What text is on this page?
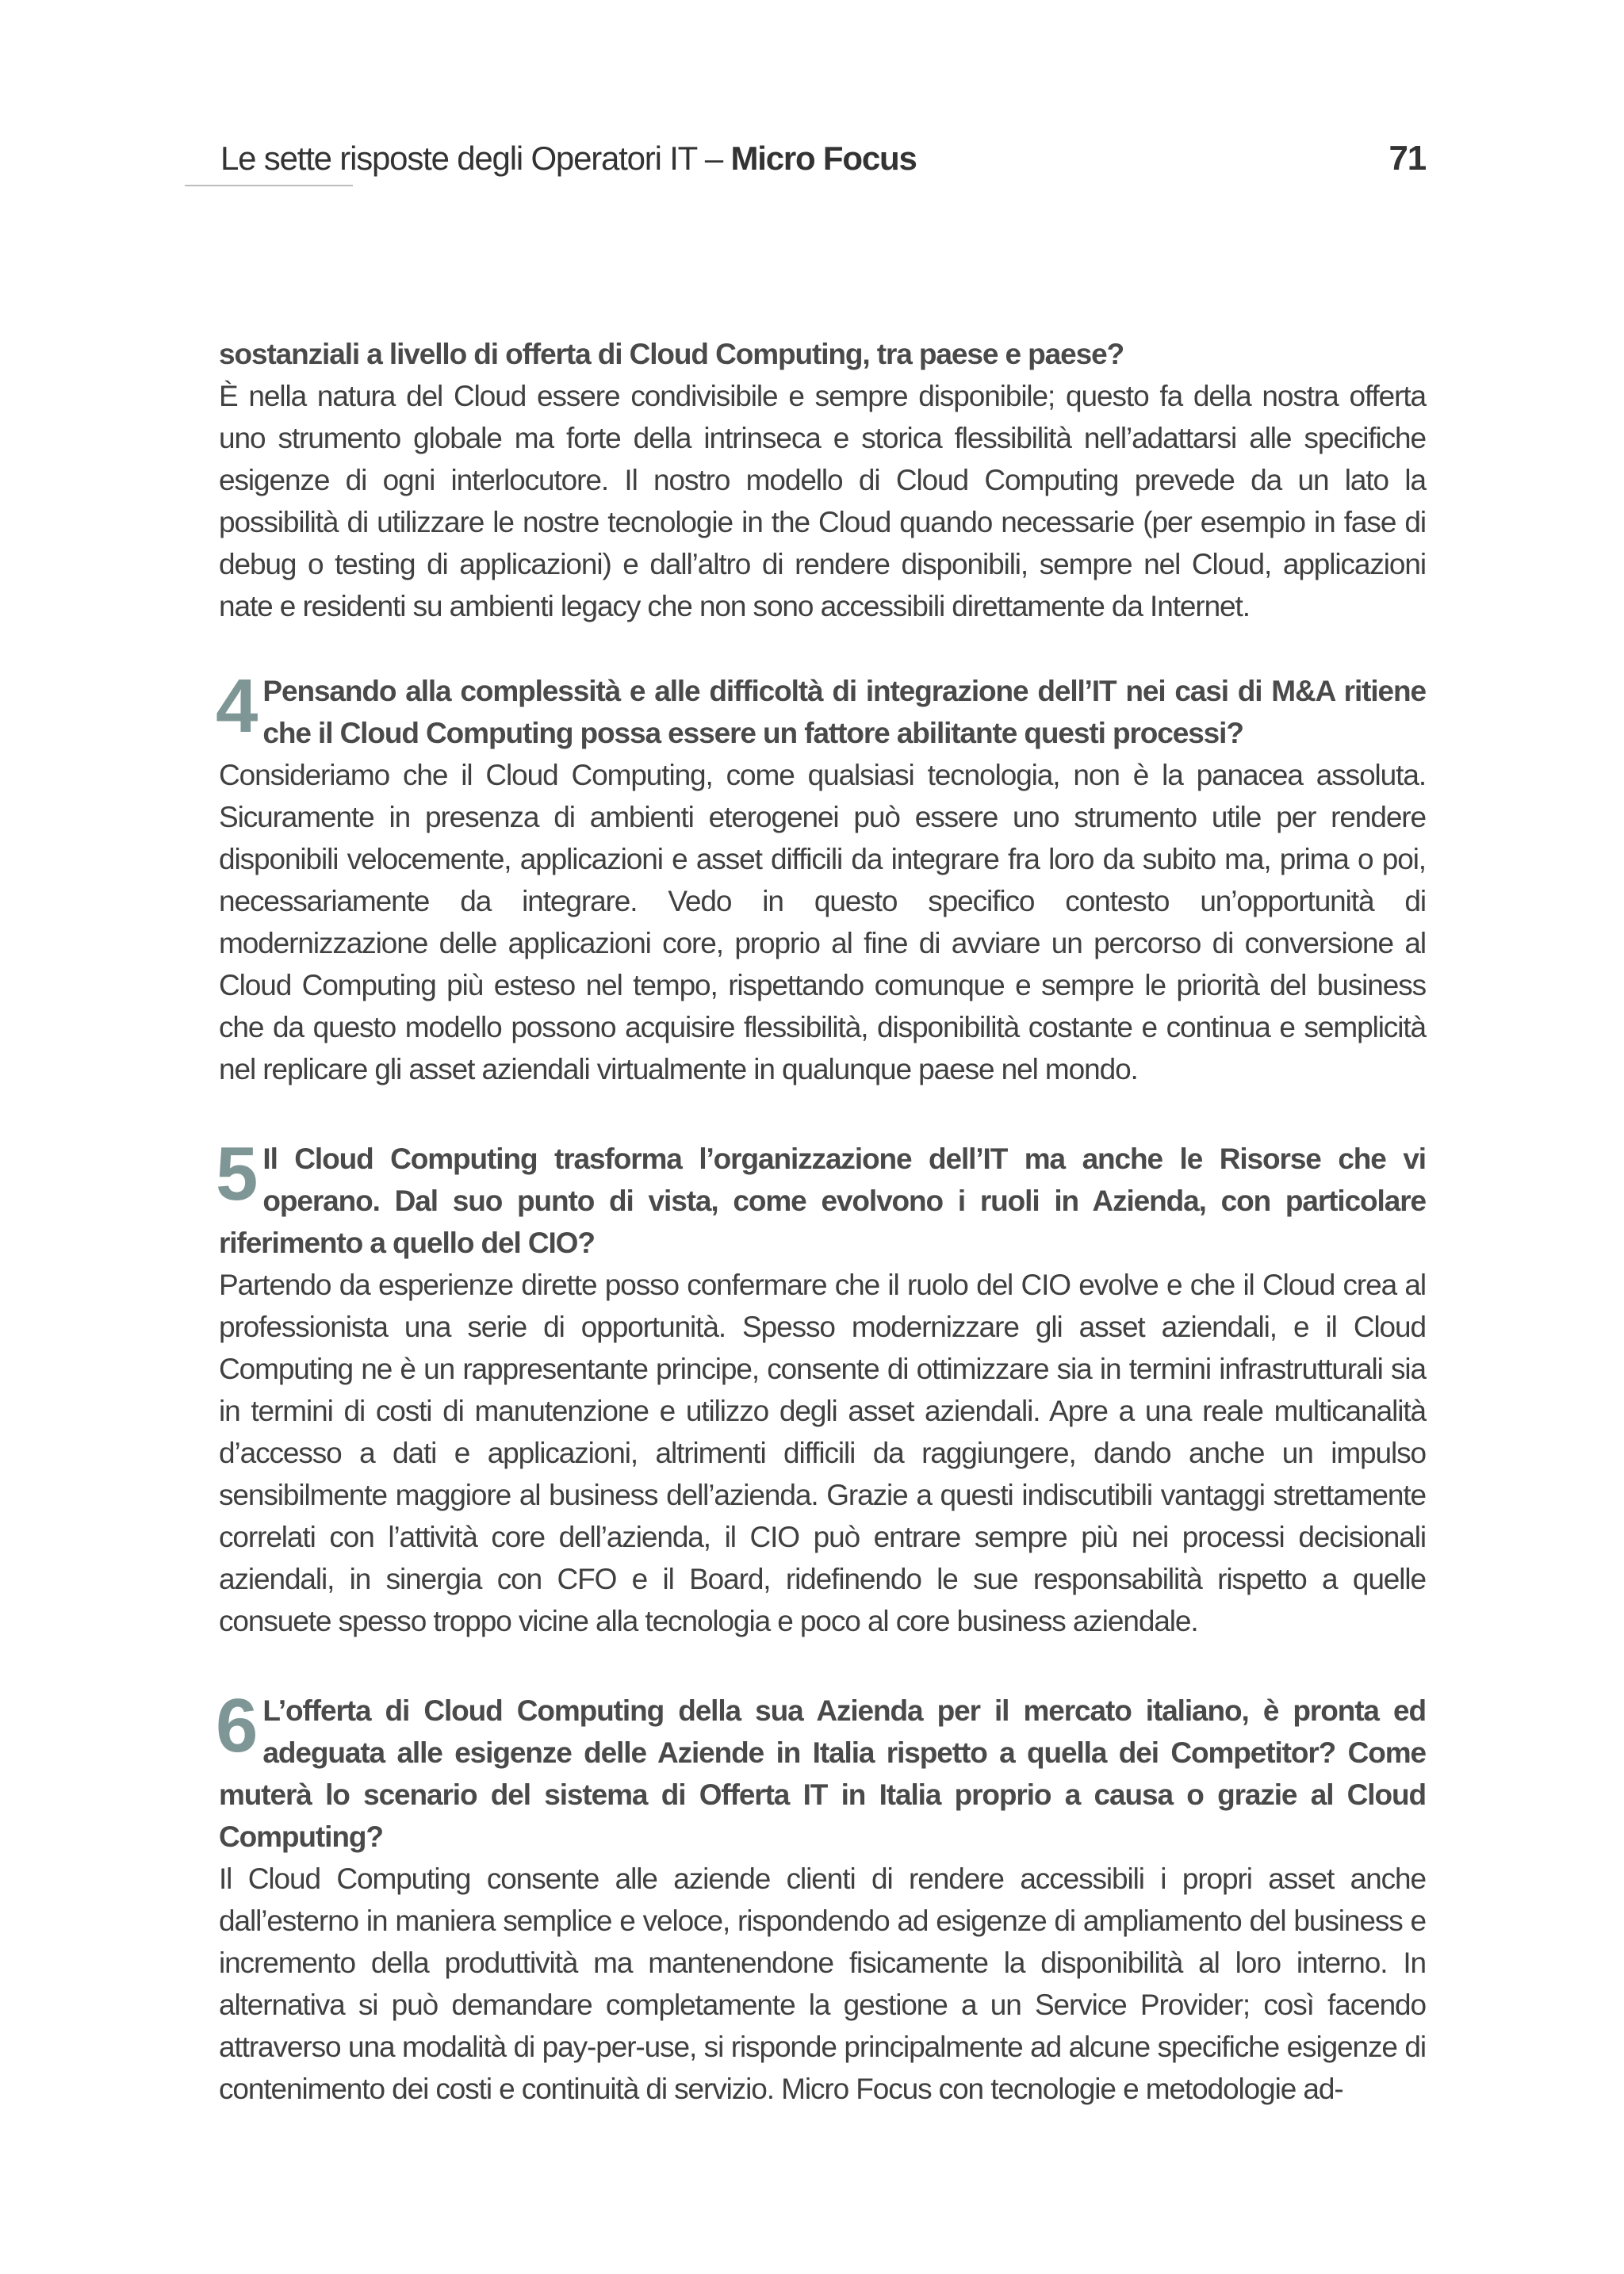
Le sette risposte degli Operatori IT – Micro Focus	71

sostanziali a livello di offerta di Cloud Computing, tra paese e paese?

È nella natura del Cloud essere condivisibile e sempre disponibile; questo fa della nostra offerta uno strumento globale ma forte della intrinseca e storica flessibilità nell’adattarsi alle specifiche esigenze di ogni interlocutore. Il nostro modello di Cloud Computing prevede da un lato la possibilità di utilizzare le nostre tecnologie in the Cloud quando necessarie (per esempio in fase di debug o testing di applicazioni) e dall’altro di rendere disponibili, sempre nel Cloud, applicazioni nate e residenti su ambienti legacy che non sono accessibili direttamente da Internet.

4 Pensando alla complessità e alle difficoltà di integrazione dell’IT nei casi di M&A ritiene che il Cloud Computing possa essere un fattore abilitante questi processi?

Consideriamo che il Cloud Computing, come qualsiasi tecnologia, non è la panacea assoluta. Sicuramente in presenza di ambienti eterogenei può essere uno strumento utile per rendere disponibili velocemente, applicazioni e asset difficili da integrare fra loro da subito ma, prima o poi, necessariamente da integrare. Vedo in questo specifico contesto un’opportunità di modernizzazione delle applicazioni core, proprio al fine di avviare un percorso di conversione al Cloud Computing più esteso nel tempo, rispettando comunque e sempre le priorità del business che da questo modello possono acquisire flessibilità, disponibilità costante e continua e semplicità nel replicare gli asset aziendali virtualmente in qualunque paese nel mondo.

5 Il Cloud Computing trasforma l’organizzazione dell’IT ma anche le Risorse che vi operano. Dal suo punto di vista, come evolvono i ruoli in Azienda, con particolare riferimento a quello del CIO?

Partendo da esperienze dirette posso confermare che il ruolo del CIO evolve e che il Cloud crea al professionista una serie di opportunità. Spesso modernizzare gli asset aziendali, e il Cloud Computing ne è un rappresentante principe, consente di ottimizzare sia in termini infrastrutturali sia in termini di costi di manutenzione e utilizzo degli asset aziendali. Apre a una reale multicanalità d’accesso a dati e applicazioni, altrimenti difficili da raggiungere, dando anche un impulso sensibilmente maggiore al business dell’azienda. Grazie a questi indiscutibili vantaggi strettamente correlati con l’attività core dell’azienda, il CIO può entrare sempre più nei processi decisionali aziendali, in sinergia con CFO e il Board, ridefinendo le sue responsabilità rispetto a quelle consuete spesso troppo vicine alla tecnologia e poco al core business aziendale.

6 L’offerta di Cloud Computing della sua Azienda per il mercato italiano, è pronta ed adeguata alle esigenze delle Aziende in Italia rispetto a quella dei Competitor? Come muterà lo scenario del sistema di Offerta IT in Italia proprio a causa o grazie al Cloud Computing?

Il Cloud Computing consente alle aziende clienti di rendere accessibili i propri asset anche dall’esterno in maniera semplice e veloce, rispondendo ad esigenze di ampliamento del business e incremento della produttività ma mantenendone fisicamente la disponibilità al loro interno. In alternativa si può demandare completamente la gestione a un Service Provider; così facendo attraverso una modalità di pay-per-use, si risponde principalmente ad alcune specifiche esigenze di contenimento dei costi e continuità di servizio. Micro Focus con tecnologie e metodologie ad-
